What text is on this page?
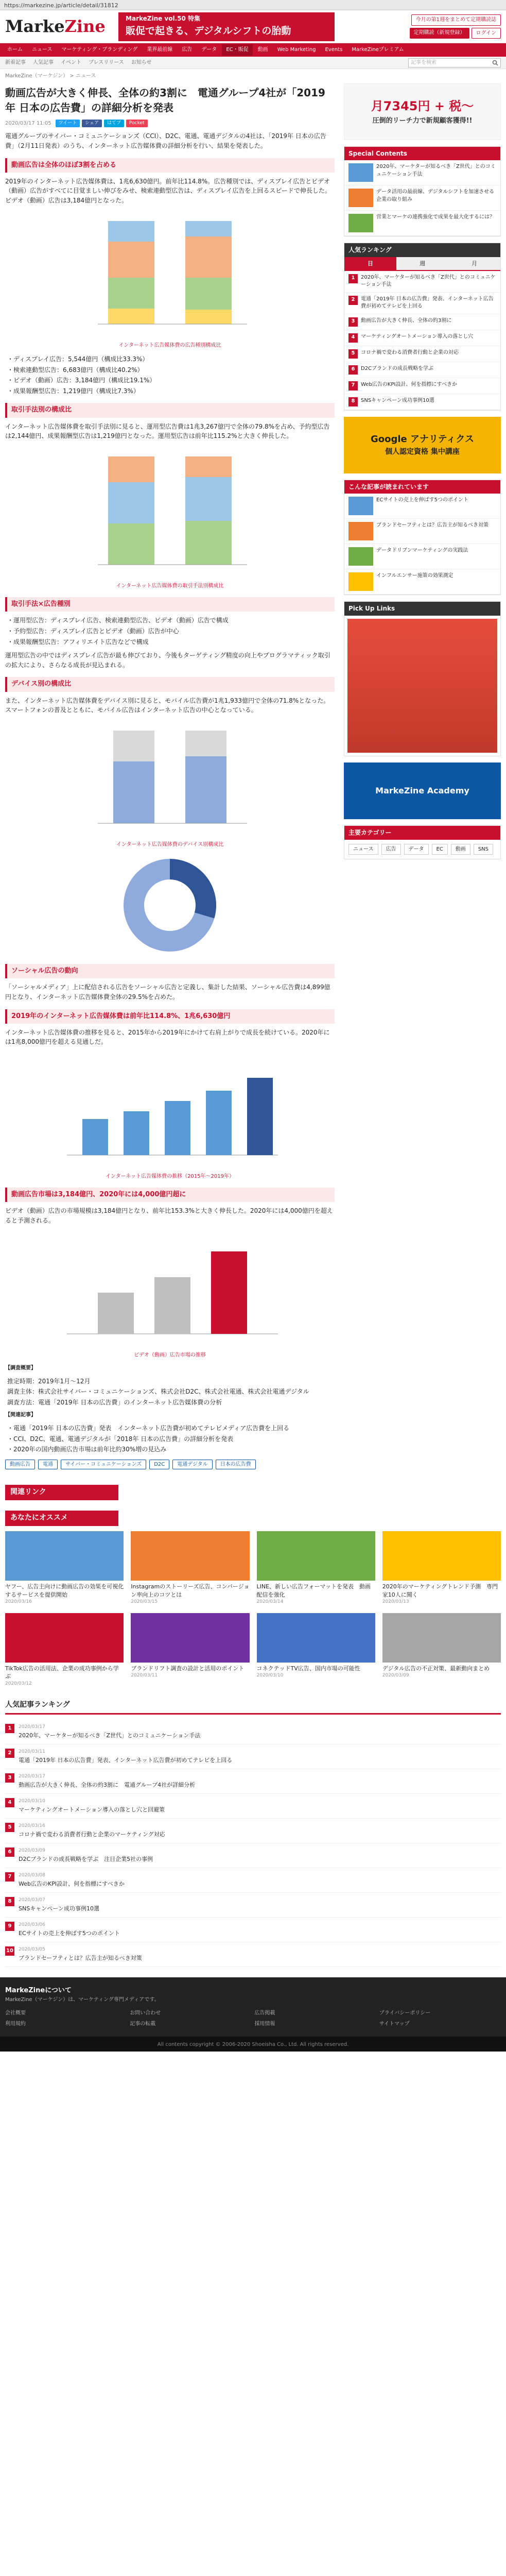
https://markezine.jp/article/detail/31812
Marke Zine	MarkeZine vol.50 特集
販促で起きる、デジタルシフトの胎動
今月の第1週をまとめて定期購読誌
定期購読（新規登録）	ログイン
ホーム	ニュース	マーケティング・ブランディング	業界最前線	広告	データ	EC・販促	動画	Web Marketing	Events	MarkeZineプレミアム
新着記事 人気記事 イベント プレスリリース お知らせ	記事を検索
MarkeZine（マーケジン） > ニュース
動画広告が大きく伸長、全体の約3割に　電通グループ4社が「2019年 日本の広告費」の詳細分析を発表
2020/03/17 11:05	ツイート	シェア	はてブ	Pocket

電通グループのサイバー・コミュニケーションズ（CCI）、D2C、電通、電通デジタルの4社は、「2019年 日本の広告費」（2月11日発表）のうち、インターネット広告媒体費の詳細分析を行い、結果を発表した。

動画広告は全体のほぼ3割を占める

2019年のインターネット広告媒体費は、1兆6,630億円。前年比114.8%。広告種別では、ディスプレイ広告とビデオ（動画）広告がすべてに目覚ましい伸びをみせ、検索連動型広告は、ディスプレイ広告を上回るスピードで伸長した。ビデオ（動画）広告は3,184億円となった。

インターネット広告媒体費の広告種別構成比
・ディスプレイ広告：5,544億円（構成比33.3%）
・検索連動型広告：6,683億円（構成比40.2%）
・ビデオ（動画）広告：3,184億円（構成比19.1%）
・成果報酬型広告：1,219億円（構成比7.3%）
取引手法別の構成比

インターネット広告媒体費を取引手法別に見ると、運用型広告費は1兆3,267億円で全体の79.8%を占め、予約型広告は2,144億円、成果報酬型広告は1,219億円となった。運用型広告は前年比115.2%と大きく伸長した。

インターネット広告媒体費の取引手法別構成比
取引手法×広告種別
・運用型広告：ディスプレイ広告、検索連動型広告、ビデオ（動画）広告で構成
・予約型広告：ディスプレイ広告とビデオ（動画）広告が中心
・成果報酬型広告：アフィリエイト広告などで構成

運用型広告の中ではディスプレイ広告が最も伸びており、今後もターゲティング精度の向上やプログラマティック取引の拡大により、さらなる成長が見込まれる。

デバイス別の構成比

また、インターネット広告媒体費をデバイス別に見ると、モバイル広告費が1兆1,933億円で全体の71.8%となった。スマートフォンの普及とともに、モバイル広告はインターネット広告の中心となっている。

インターネット広告媒体費のデバイス別構成比
ソーシャル広告の動向

「ソーシャルメディア」上に配信される広告をソーシャル広告と定義し、集計した結果、ソーシャル広告費は4,899億円となり、インターネット広告媒体費全体の29.5%を占めた。

2019年のインターネット広告媒体費は前年比114.8%、1兆6,630億円

インターネット広告媒体費の推移を見ると、2015年から2019年にかけて右肩上がりで成長を続けている。2020年には1兆8,000億円を超える見通しだ。

インターネット広告媒体費の推移（2015年〜2019年）
動画広告市場は3,184億円、2020年には4,000億円超に

ビデオ（動画）広告の市場規模は3,184億円となり、前年比153.3%と大きく伸長した。2020年には4,000億円を超えると予測される。

ビデオ（動画）広告市場の推移
【調査概要】
推定時期：2019年1月〜12月
調査主体：株式会社サイバー・コミュニケーションズ、株式会社D2C、株式会社電通、株式会社電通デジタル
調査方法：電通「2019年 日本の広告費」のインターネット広告媒体費の分析
【関連記事】
・電通「2019年 日本の広告費」発表　インターネット広告費が初めてテレビメディア広告費を上回る
・CCI、D2C、電通、電通デジタルが「2018年 日本の広告費」の詳細分析を発表
・2020年の国内動画広告市場は前年比約30%増の見込み
動画広告	電通	サイバー・コミュニケーションズ	D2C	電通デジタル	日本の広告費
月7345円 + 税〜
圧倒的リーチ力で新規顧客獲得!!
Special Contents
2020年、マーケターが知るべき「Z世代」とのコミュニケーション手法
データ活用の最前線、デジタルシフトを加速させる企業の取り組み
営業とマーケの連携強化で成果を最大化するには？
人気ランキング
日	週	月
1	2020年、マーケターが知るべき「Z世代」とのコミュニケーション手法
2	電通「2019年 日本の広告費」発表、インターネット広告費が初めてテレビを上回る
3	動画広告が大きく伸長、全体の約3割に
4	マーケティングオートメーション導入の落とし穴
5	コロナ禍で変わる消費者行動と企業の対応
6	D2Cブランドの成長戦略を学ぶ
7	Web広告のKPI設計、何を指標にすべきか
8	SNSキャンペーン成功事例10選
Google アナリティクス
個人認定資格 集中講座
こんな記事が読まれています
ECサイトの売上を伸ばす5つのポイント
ブランドセーフティとは？広告主が知るべき対策
データドリブンマーケティングの実践法
インフルエンサー施策の効果測定
Pick Up Links
MarkeZine Academy
主要カテゴリー
ニュース	広告	データ	EC	動画	SNS
関連リンク
あなたにオススメ
ヤフー、広告主向けに動画広告の効果を可視化するサービスを提供開始
2020/03/16
Instagramのストーリーズ広告、コンバージョン率向上のコツとは
2020/03/15
LINE、新しい広告フォーマットを発表　動画配信を強化
2020/03/14
2020年のマーケティングトレンド予測　専門家10人に聞く
2020/03/13
TikTok広告の活用法、企業の成功事例から学ぶ
2020/03/12
ブランドリフト調査の設計と活用のポイント
2020/03/11
コネクテッドTV広告、国内市場の可能性
2020/03/10
デジタル広告の不正対策、最新動向まとめ
2020/03/09
人気記事ランキング
1	2020/03/17
2020年、マーケターが知るべき「Z世代」とのコミュニケーション手法
2	2020/03/11
電通「2019年 日本の広告費」発表、インターネット広告費が初めてテレビを上回る
3	2020/03/17
動画広告が大きく伸長、全体の約3割に　電通グループ4社が詳細分析
4	2020/03/10
マーケティングオートメーション導入の落とし穴と回避策
5	2020/03/16
コロナ禍で変わる消費者行動と企業のマーケティング対応
6	2020/03/09
D2Cブランドの成長戦略を学ぶ　注目企業5社の事例
7	2020/03/08
Web広告のKPI設計、何を指標にすべきか
8	2020/03/07
SNSキャンペーン成功事例10選
9	2020/03/06
ECサイトの売上を伸ばす5つのポイント
10 2020/03/05
ブランドセーフティとは？広告主が知るべき対策
MarkeZineについて
MarkeZine（マーケジン）は、マーケティング専門メディアです。
会社概要	お問い合わせ	広告掲載	プライバシーポリシー
利用規約	記事の転載	採用情報	サイトマップ
All contents copyright © 2006-2020 Shoeisha Co., Ltd. All rights reserved.
